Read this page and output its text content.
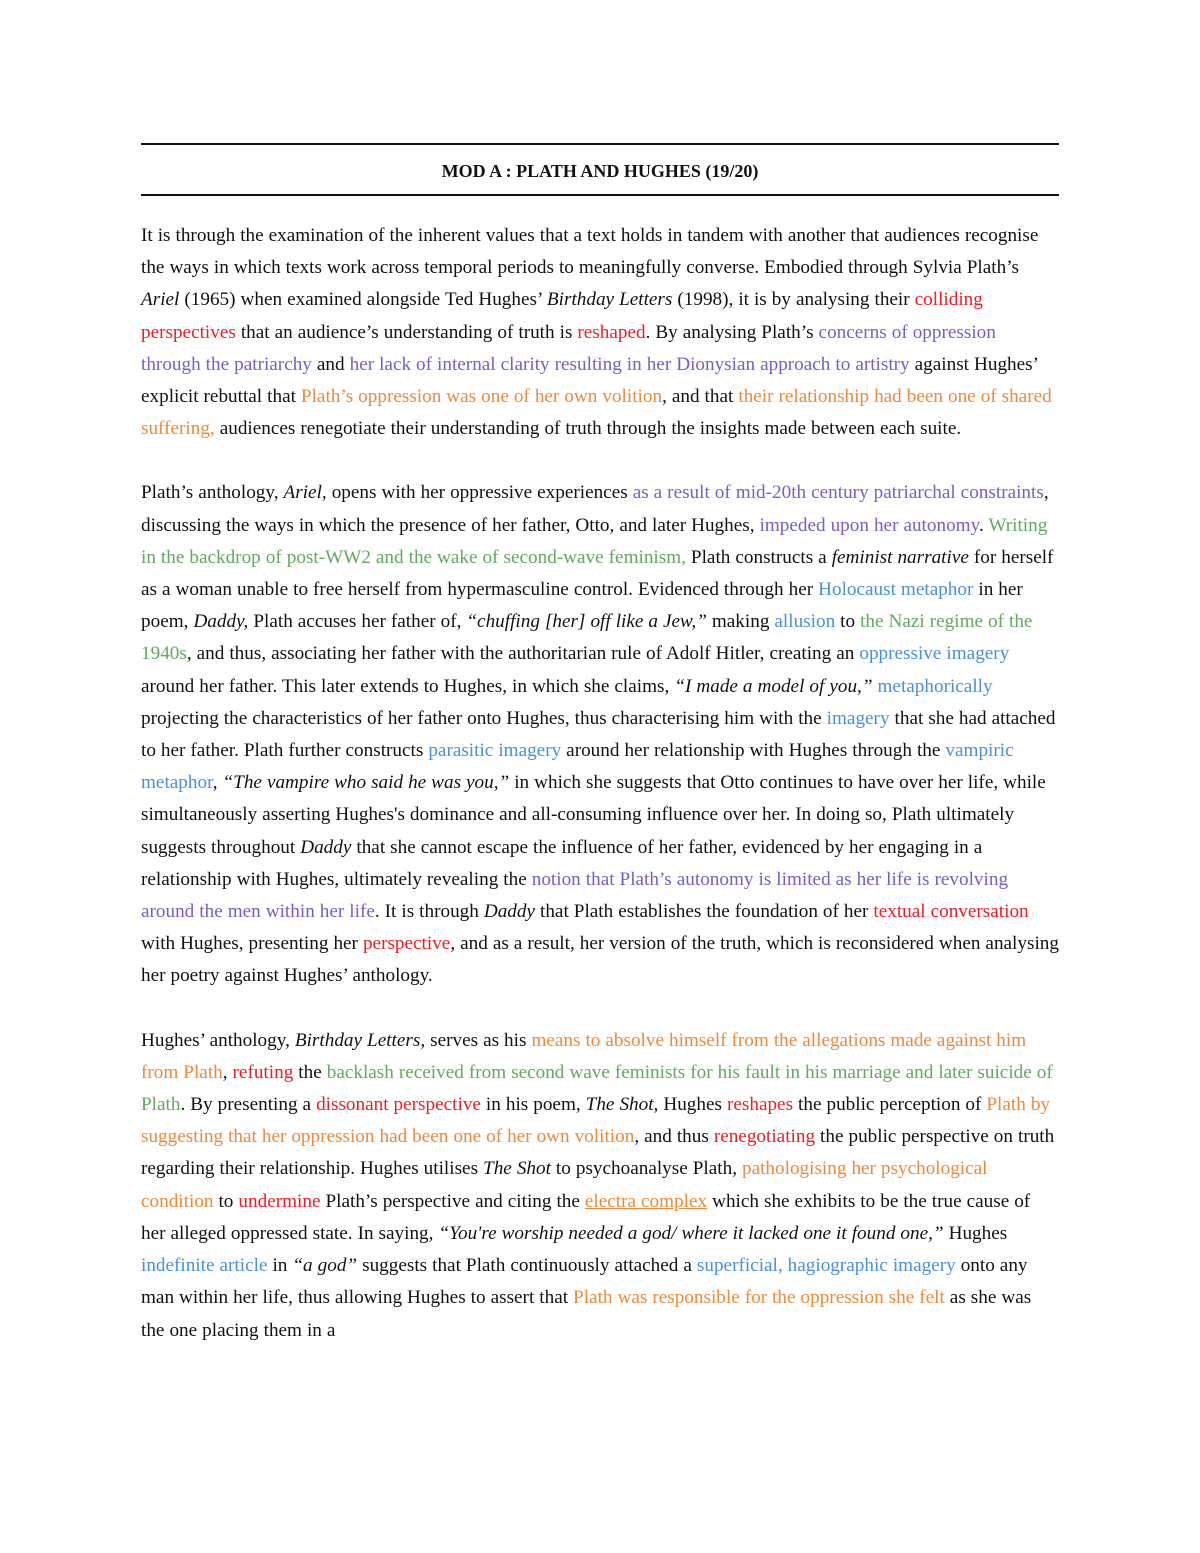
MOD A : PLATH AND HUGHES (19/20)

It is through the examination of the inherent values that a text holds in tandem with another that audiences recognise the ways in which texts work across temporal periods to meaningfully converse. Embodied through Sylvia Plath’s Ariel (1965) when examined alongside Ted Hughes’ Birthday Letters (1998), it is by analysing their colliding perspectives that an audience’s understanding of truth is reshaped. By analysing Plath’s concerns of oppression through the patriarchy and her lack of internal clarity resulting in her Dionysian approach to artistry against Hughes’ explicit rebuttal that Plath’s oppression was one of her own volition, and that their relationship had been one of shared suffering, audiences renegotiate their understanding of truth through the insights made between each suite.

Plath’s anthology, Ariel, opens with her oppressive experiences as a result of mid-20th century patriarchal constraints, discussing the ways in which the presence of her father, Otto, and later Hughes, impeded upon her autonomy. Writing in the backdrop of post-WW2 and the wake of second-wave feminism, Plath constructs a feminist narrative for herself as a woman unable to free herself from hypermasculine control. Evidenced through her Holocaust metaphor in her poem, Daddy, Plath accuses her father of, “chuffing [her] off like a Jew,” making allusion to the Nazi regime of the 1940s, and thus, associating her father with the authoritarian rule of Adolf Hitler, creating an oppressive imagery around her father. This later extends to Hughes, in which she claims, “I made a model of you,” metaphorically projecting the characteristics of her father onto Hughes, thus characterising him with the imagery that she had attached to her father. Plath further constructs parasitic imagery around her relationship with Hughes through the vampiric metaphor, “The vampire who said he was you,” in which she suggests that Otto continues to have over her life, while simultaneously asserting Hughes's dominance and all-consuming influence over her. In doing so, Plath ultimately suggests throughout Daddy that she cannot escape the influence of her father, evidenced by her engaging in a relationship with Hughes, ultimately revealing the notion that Plath’s autonomy is limited as her life is revolving around the men within her life. It is through Daddy that Plath establishes the foundation of her textual conversation with Hughes, presenting her perspective, and as a result, her version of the truth, which is reconsidered when analysing her poetry against Hughes’ anthology.

Hughes’ anthology, Birthday Letters, serves as his means to absolve himself from the allegations made against him from Plath, refuting the backlash received from second wave feminists for his fault in his marriage and later suicide of Plath. By presenting a dissonant perspective in his poem, The Shot, Hughes reshapes the public perception of Plath by suggesting that her oppression had been one of her own volition, and thus renegotiating the public perspective on truth regarding their relationship. Hughes utilises The Shot to psychoanalyse Plath, pathologising her psychological condition to undermine Plath’s perspective and citing the electra complex which she exhibits to be the true cause of her alleged oppressed state. In saying, “You're worship needed a god/ where it lacked one it found one,” Hughes indefinite article in “a god” suggests that Plath continuously attached a superficial, hagiographic imagery onto any man within her life, thus allowing Hughes to assert that Plath was responsible for the oppression she felt as she was the one placing them in a
